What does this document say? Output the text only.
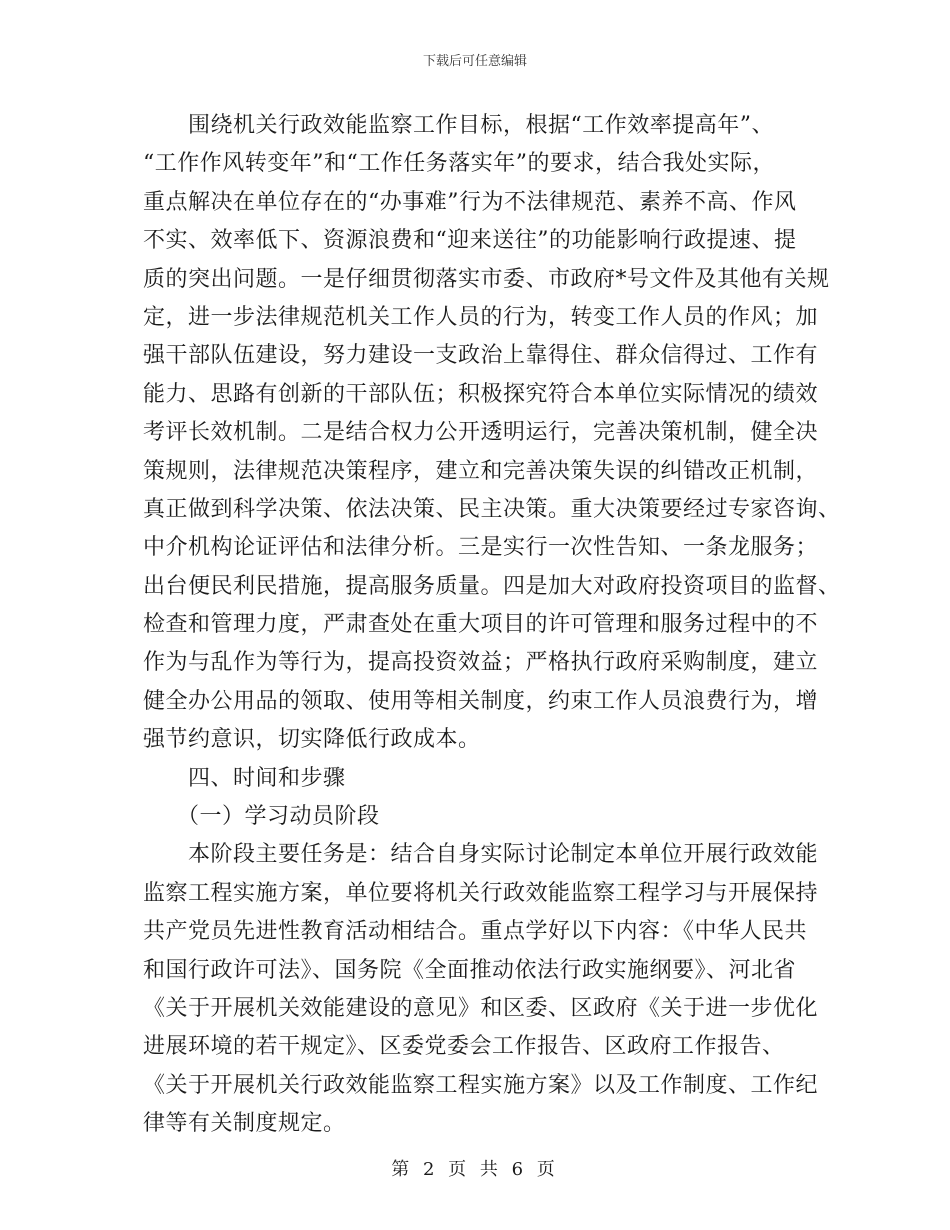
下载后可任意编辑
　　围绕机关行政效能监察工作目标，根据“工作效率提高年”、
“工作作风转变年”和“工作任务落实年”的要求，结合我处实际，
重点解决在单位存在的“办事难”行为不法律规范、素养不高、作风
不实、效率低下、资源浪费和“迎来送往”的功能影响行政提速、提
质的突出问题。一是仔细贯彻落实市委、市政府*号文件及其他有关规
定，进一步法律规范机关工作人员的行为，转变工作人员的作风；加
强干部队伍建设，努力建设一支政治上靠得住、群众信得过、工作有
能力、思路有创新的干部队伍；积极探究符合本单位实际情况的绩效
考评长效机制。二是结合权力公开透明运行，完善决策机制，健全决
策规则，法律规范决策程序，建立和完善决策失误的纠错改正机制，
真正做到科学决策、依法决策、民主决策。重大决策要经过专家咨询、
中介机构论证评估和法律分析。三是实行一次性告知、一条龙服务；
出台便民利民措施，提高服务质量。四是加大对政府投资项目的监督、
检查和管理力度，严肃查处在重大项目的许可管理和服务过程中的不
作为与乱作为等行为，提高投资效益；严格执行政府采购制度，建立
健全办公用品的领取、使用等相关制度，约束工作人员浪费行为，增
强节约意识，切实降低行政成本。
　　四、时间和步骤
　　（一）学习动员阶段
　　本阶段主要任务是：结合自身实际讨论制定本单位开展行政效能
监察工程实施方案，单位要将机关行政效能监察工程学习与开展保持
共产党员先进性教育活动相结合。重点学好以下内容：《中华人民共
和国行政许可法》、国务院《全面推动依法行政实施纲要》、河北省
《关于开展机关效能建设的意见》和区委、区政府《关于进一步优化
进展环境的若干规定》、区委党委会工作报告、区政府工作报告、
《关于开展机关行政效能监察工程实施方案》以及工作制度、工作纪
律等有关制度规定。
第 2 页 共 6 页
